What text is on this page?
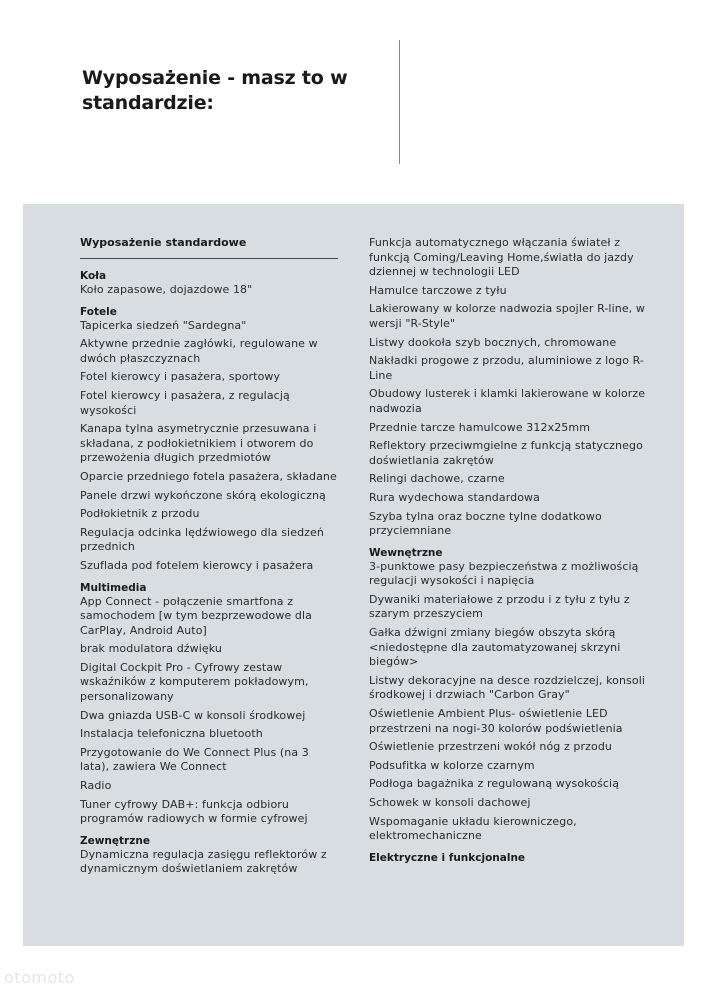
Wyposażenie - masz to w standardzie:
Wyposażenie standardowe
Koła
Koło zapasowe, dojazdowe 18"
Fotele
Tapicerka siedzeń "Sardegna"
Aktywne przednie zagłówki, regulowane w dwóch płaszczyznach
Fotel kierowcy i pasażera, sportowy
Fotel kierowcy i pasażera, z regulacją wysokości
Kanapa tylna asymetrycznie przesuwana i składana, z podłokietnikiem i otworem do przewożenia długich przedmiotów
Oparcie przedniego fotela pasażera, składane
Panele drzwi wykończone skórą ekologiczną
Podłokietnik z przodu
Regulacja odcinka lędźwiowego dla siedzeń przednich
Szuflada pod fotelem kierowcy i pasażera
Multimedia
App Connect - połączenie smartfona z samochodem [w tym bezprzewodowe dla CarPlay, Android Auto]
brak modulatora dźwięku
Digital Cockpit Pro - Cyfrowy zestaw wskaźników z komputerem pokładowym, personalizowany
Dwa gniazda USB-C w konsoli środkowej
Instalacja telefoniczna bluetooth
Przygotowanie do We Connect Plus (na 3 lata), zawiera We Connect
Radio
Tuner cyfrowy DAB+: funkcja odbioru programów radiowych w formie cyfrowej
Zewnętrzne
Dynamiczna regulacja zasięgu reflektorów z dynamicznym doświetlaniem zakrętów
Funkcja automatycznego włączania świateł z funkcją Coming/Leaving Home,światła do jazdy dziennej w technologii LED
Hamulce tarczowe z tyłu
Lakierowany w kolorze nadwozia spojler R-line, w wersji "R-Style"
Listwy dookoła szyb bocznych, chromowane
Nakładki progowe z przodu, aluminiowe z logo R-Line
Obudowy lusterek i klamki lakierowane w kolorze nadwozia
Przednie tarcze hamulcowe 312x25mm
Reflektory przeciwmgielne z funkcją statycznego doświetlania zakrętów
Relingi dachowe, czarne
Rura wydechowa standardowa
Szyba tylna oraz boczne tylne dodatkowo przyciemniane
Wewnętrzne
3-punktowe pasy bezpieczeństwa z możliwością regulacji wysokości i napięcia
Dywaniki materiałowe z przodu i z tyłu z tyłu z szarym przeszyciem
Gałka dźwigni zmiany biegów obszyta skórą <niedostępne dla zautomatyzowanej skrzyni biegów>
Listwy dekoracyjne na desce rozdzielczej, konsoli środkowej i drzwiach "Carbon Gray"
Oświetlenie Ambient Plus- oświetlenie LED przestrzeni na nogi-30 kolorów podświetlenia
Oświetlenie przestrzeni wokół nóg z przodu
Podsufitka w kolorze czarnym
Podłoga bagażnika z regulowaną wysokością
Schowek w konsoli dachowej
Wspomaganie układu kierowniczego, elektromechaniczne
Elektryczne i funkcjonalne
otomoto
